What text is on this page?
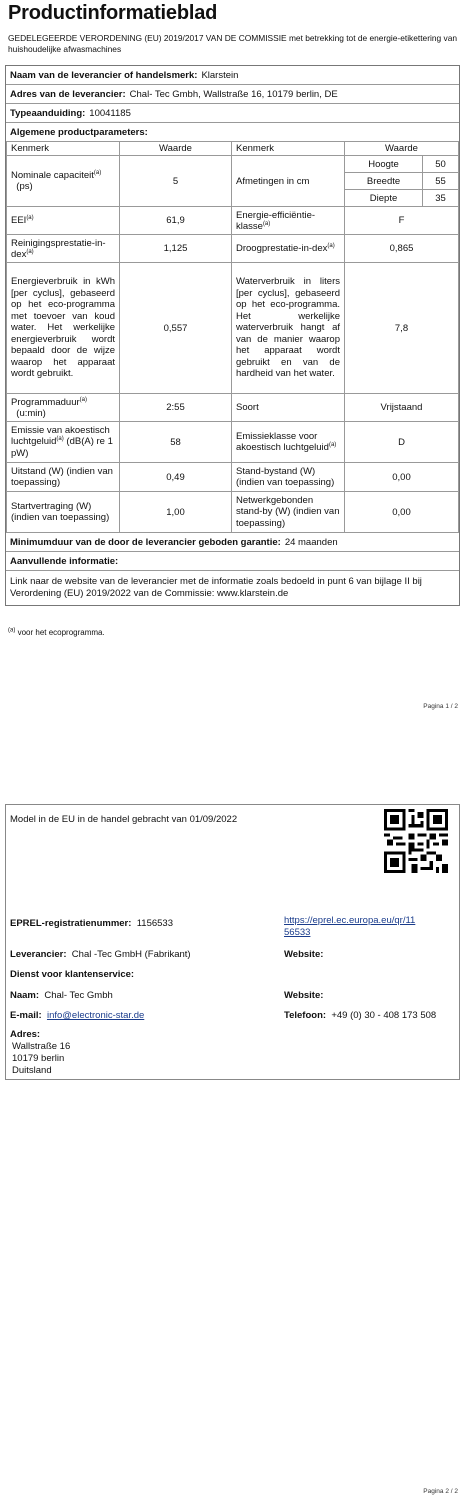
Productinformatieblad
GEDELEGEERDE VERORDENING (EU) 2019/2017 VAN DE COMMISSIE met betrekking tot de energie-etikettering van huishoudelijke afwasmachines
Naam van de leverancier of handelsmerk: Klarstein
Adres van de leverancier: Chal- Tec Gmbh, Wallstraße 16, 10179 berlin, DE
Typeaanduiding: 10041185
Algemene productparameters:
Kenmerk	Waarde	Kenmerk	Waarde
Nominale capaciteit$^{(a)}$
(ps)	5	Afmetingen in cm	
Hoogte	50
Breedte	55
Diepte	35

EEI$^{(a)}$	61,9	Energie-efficiëntie-klasse$^{(a)}$	F
Reinigingsprestatie-in-dex$^{(a)}$	1,125	Droogprestatie-in-dex$^{(a)}$	0,865
Energieverbruik in kWh [per cyclus], gebaseerd op het eco-programma met toevoer van koud water. Het werkelijke energieverbruik wordt bepaald door de wijze waarop het apparaat wordt gebruikt.	0,557	Waterverbruik in liters [per cyclus], gebaseerd op het eco-programma. Het werkelijke waterverbruik hangt af van de manier waarop het apparaat wordt gebruikt en van de hardheid van het water.	7,8
Programmaduur$^{(a)}$
(u:min)	2:55	Soort	Vrijstaand
Emissie van akoestisch luchtgeluid$^{(a)}$ (dB(A) re 1 pW)	58	Emissieklasse voor akoestisch luchtgeluid$^{(a)}$	D
Uitstand (W) (indien van toepassing)	0,49	Stand-bystand (W) (indien van toepassing)	0,00
Startvertraging (W) (indien van toepassing)	1,00	Netwerkgebonden stand-by (W) (indien van toepassing)	0,00
Minimumduur van de door de leverancier geboden garantie: 24 maanden
Aanvullende informatie:
Link naar de website van de leverancier met de informatie zoals bedoeld in punt 6 van bijlage II bij Verordening (EU) 2019/2022 van de Commissie: www.klarstein.de
$^{(a)}$ voor het ecoprogramma.
Pagina 1 / 2
Model in de EU in de handel gebracht van 01/09/2022
EPREL-registratienummer: 1156533	https://eprel.ec.europa.eu/qr/11
56533
Leverancier: Chal -Tec GmbH (Fabrikant)	Website:
Dienst voor klantenservice:
Naam: Chal- Tec Gmbh	Website:
E-mail: info@electronic-star.de	Telefoon: +49 (0) 30 - 408 173 508
Adres:
Wallstraße 16
10179 berlin
Duitsland
Pagina 2 / 2
